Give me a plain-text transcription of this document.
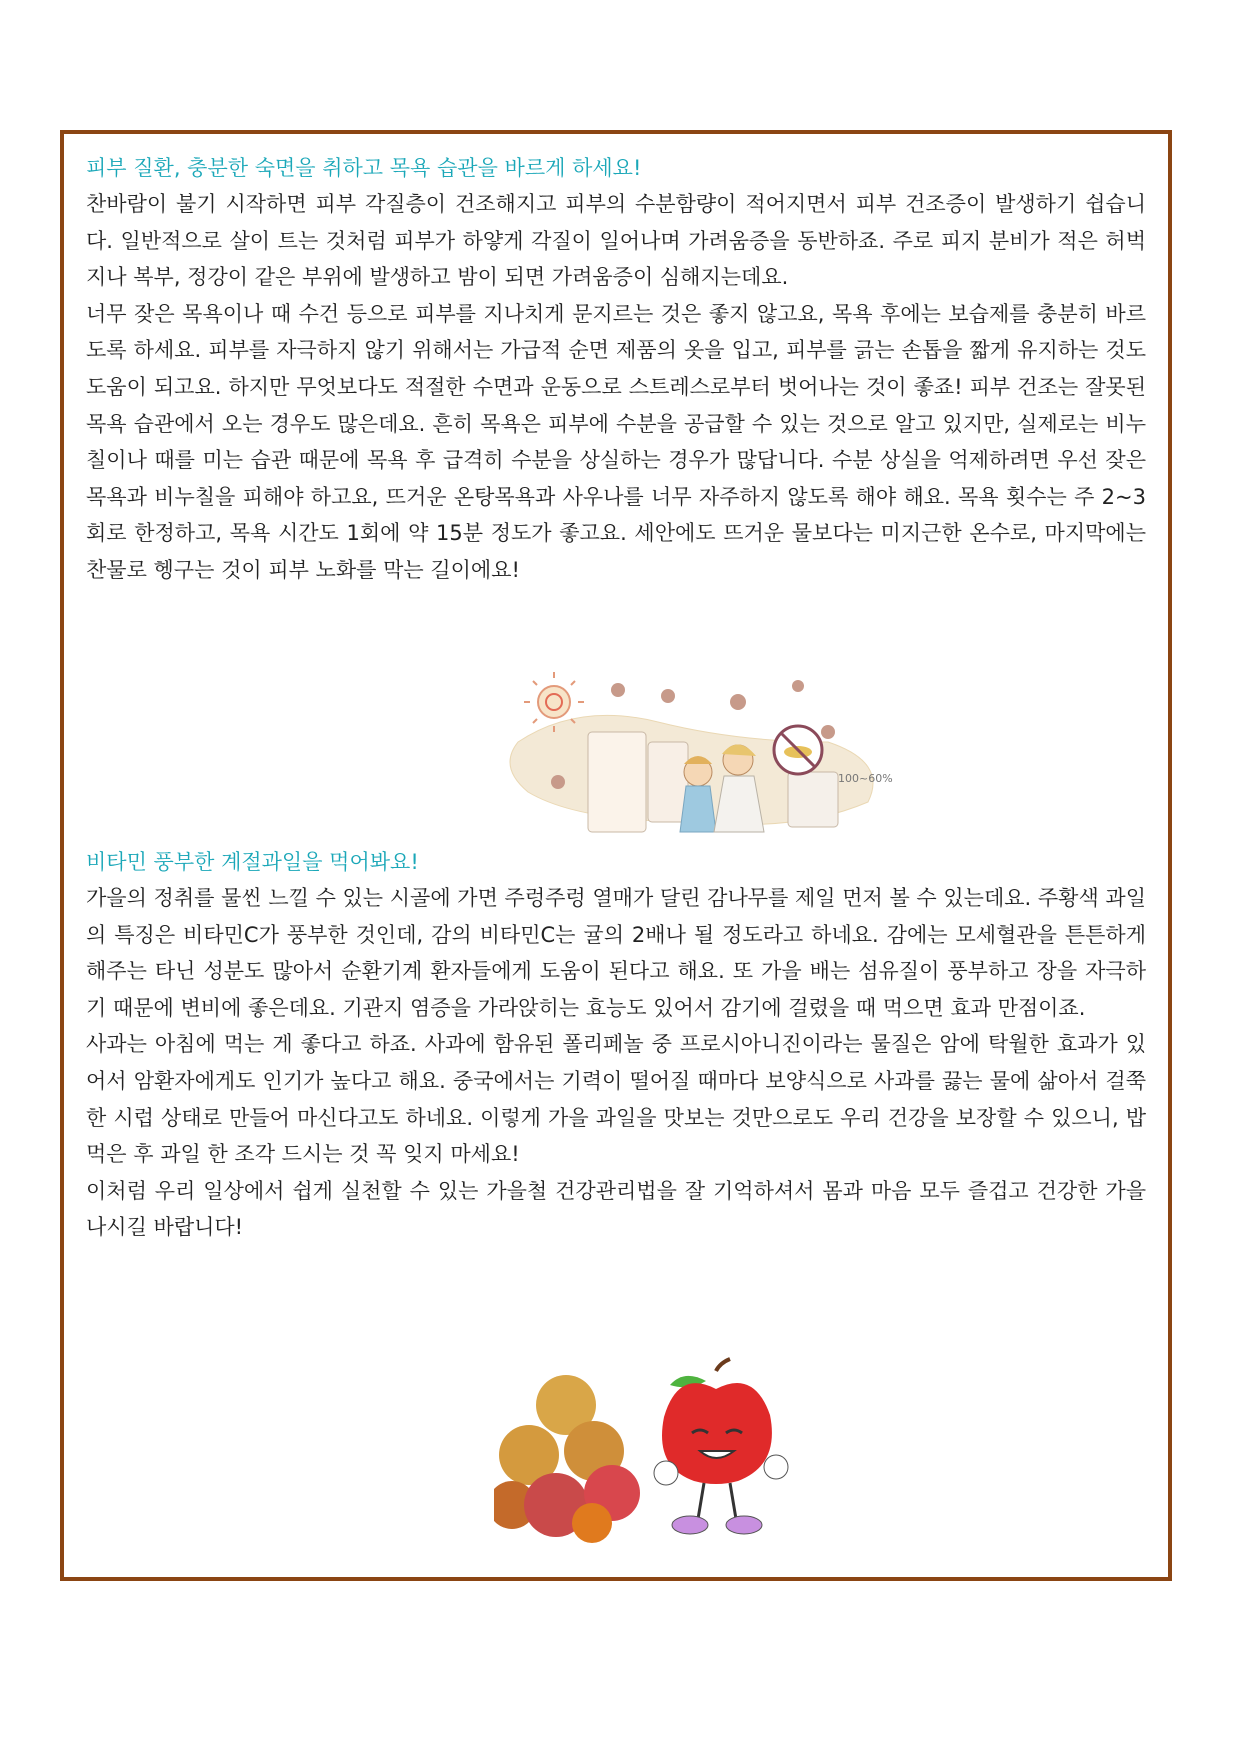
피부 질환, 충분한 숙면을 취하고 목욕 습관을 바르게 하세요!

찬바람이 불기 시작하면 피부 각질층이 건조해지고 피부의 수분함량이 적어지면서 피부 건조증이 발생하기 쉽습니다. 일반적으로 살이 트는 것처럼 피부가 하얗게 각질이 일어나며 가려움증을 동반하죠. 주로 피지 분비가 적은 허벅지나 복부, 정강이 같은 부위에 발생하고 밤이 되면 가려움증이 심해지는데요.

너무 잦은 목욕이나 때 수건 등으로 피부를 지나치게 문지르는 것은 좋지 않고요, 목욕 후에는 보습제를 충분히 바르도록 하세요. 피부를 자극하지 않기 위해서는 가급적 순면 제품의 옷을 입고, 피부를 긁는 손톱을 짧게 유지하는 것도 도움이 되고요. 하지만 무엇보다도 적절한 수면과 운동으로 스트레스로부터 벗어나는 것이 좋죠! 피부 건조는 잘못된 목욕 습관에서 오는 경우도 많은데요. 흔히 목욕은 피부에 수분을 공급할 수 있는 것으로 알고 있지만, 실제로는 비누칠이나 때를 미는 습관 때문에 목욕 후 급격히 수분을 상실하는 경우가 많답니다. 수분 상실을 억제하려면 우선 잦은 목욕과 비누칠을 피해야 하고요, 뜨거운 온탕목욕과 사우나를 너무 자주하지 않도록 해야 해요. 목욕 횟수는 주 2~3회로 한정하고, 목욕 시간도 1회에 약 15분 정도가 좋고요. 세안에도 뜨거운 물보다는 미지근한 온수로, 마지막에는 찬물로 헹구는 것이 피부 노화를 막는 길이에요!

100~60%
비타민 풍부한 계절과일을 먹어봐요!

가을의 정취를 물씬 느낄 수 있는 시골에 가면 주렁주렁 열매가 달린 감나무를 제일 먼저 볼 수 있는데요. 주황색 과일의 특징은 비타민C가 풍부한 것인데, 감의 비타민C는 귤의 2배나 될 정도라고 하네요. 감에는 모세혈관을 튼튼하게 해주는 타닌 성분도 많아서 순환기계 환자들에게 도움이 된다고 해요. 또 가을 배는 섬유질이 풍부하고 장을 자극하기 때문에 변비에 좋은데요. 기관지 염증을 가라앉히는 효능도 있어서 감기에 걸렸을 때 먹으면 효과 만점이죠.

사과는 아침에 먹는 게 좋다고 하죠. 사과에 함유된 폴리페놀 중 프로시아니진이라는 물질은 암에 탁월한 효과가 있어서 암환자에게도 인기가 높다고 해요. 중국에서는 기력이 떨어질 때마다 보양식으로 사과를 끓는 물에 삶아서 걸쭉한 시럽 상태로 만들어 마신다고도 하네요. 이렇게 가을 과일을 맛보는 것만으로도 우리 건강을 보장할 수 있으니, 밥 먹은 후 과일 한 조각 드시는 것 꼭 잊지 마세요!

이처럼 우리 일상에서 쉽게 실천할 수 있는 가을철 건강관리법을 잘 기억하셔서 몸과 마음 모두 즐겁고 건강한 가을 나시길 바랍니다!
